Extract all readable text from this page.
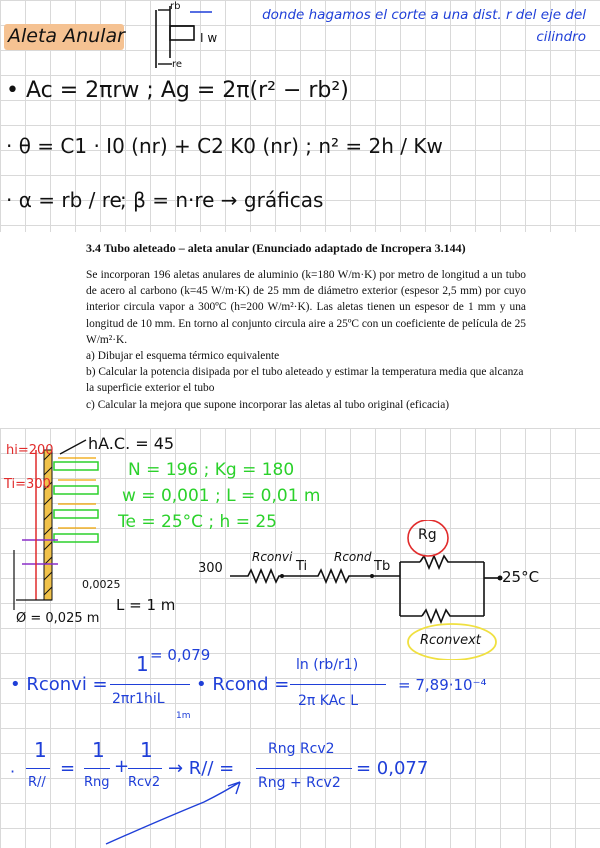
Aleta Anular
rb
re
I w
donde hagamos el corte a una dist. r del eje del cilindro
• Ac = 2πrw ; Ag = 2π(r² − rb²)
· θ = C1 · I0 (nr) + C2 K0 (nr) ; n² = 2h / Kw
· α = rb / re
; β = n·re → gráficas
3.4 Tubo aleteado – aleta anular (Enunciado adaptado de Incropera 3.144)

Se incorporan 196 aletas anulares de aluminio (k=180 W/m·K) por metro de longitud a un tubo de acero al carbono (k=45 W/m·K) de 25 mm de diámetro exterior (espesor 2,5 mm) por cuyo interior circula vapor a 300ºC (h=200 W/m²·K). Las aletas tienen un espesor de 1 mm y una longitud de 10 mm. En torno al conjunto circula aire a 25ºC con un coeficiente de película de 25 W/m²·K.

a) Dibujar el esquema térmico equivalente
b) Calcular la potencia disipada por el tubo aleteado y estimar la temperatura media que alcanza la superficie exterior el tubo
c) Calcular la mejora que supone incorporar las aletas al tubo original (eficacia)
hi=200
Ti=300
hA.C. = 45
N = 196 ; Kg = 180
w = 0,001 ; L = 0,01 m
Te = 25°C ; h = 25
0,0025
Ø = 0,025 m
L = 1 m
300
Rconvi
Ti
Rcond
Tb
Rg
25°C
Rconvext
• Rconvi =
1
2πr1hiL
1m
= 0,079
• Rcond =
ln (rb/r1)
2π KAc L
= 7,89·10⁻⁴
·
1
R//
=
1
Rng
+
1
Rcv2
→ R// =
Rng Rcv2
Rng + Rcv2
= 0,077
